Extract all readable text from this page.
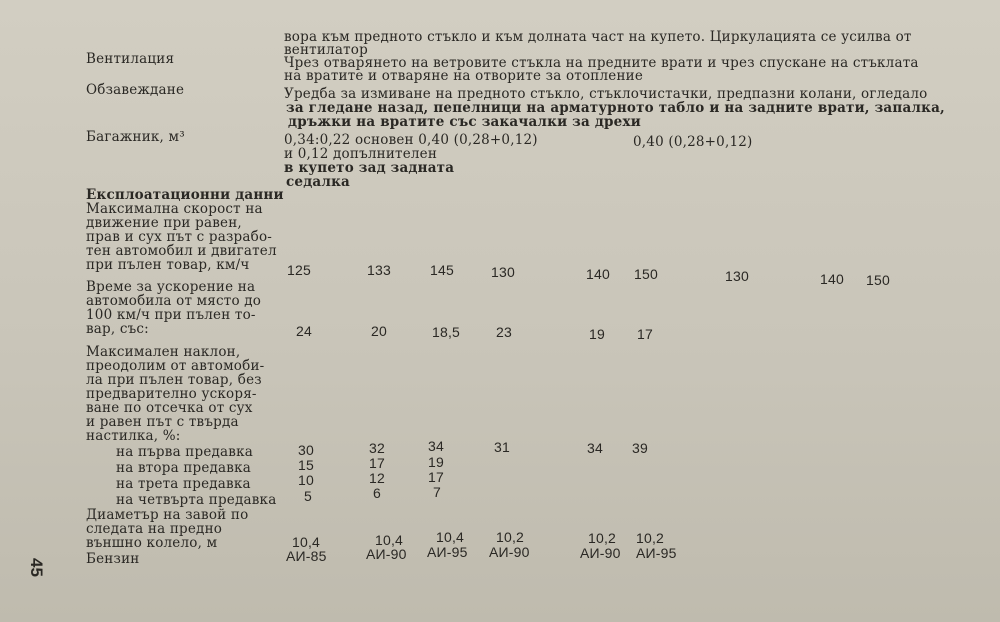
вора към предното стъкло и към долната част на купето. Циркулацията се усилва от
вентилатор
Вентилация	Чрез отварянето на ветровите стъкла на предните врати и чрез спускане на стъклата
на вратите и отваряне на отворите за отопление
Обзавеждане	Уредба за измиване на предното стъкло, стъклочистачки, предпазни колани, огледало
за гледане назад, пепелници на арматурното табло и на задните врати, запалка,
дръжки на вратите със закачалки за дрехи
Багажник, м³	0,34:0,22 основен 0,40 (0,28+0,12)	0,40 (0,28+0,12)
и 0,12 допълнителен
в купето зад задната
седалка
Експлоатационни данни
Максимална скорост на
движение при равен,
прав и сух път с разрабо-
тен автомобил и двигател
при пълен товар, км/ч	125	133	145	130	140 150	130	140 150
Време за ускорение на
автомобила от място до
100 км/ч при пълен то-
вар, със:	24	20	18,5	23	19 17
Максимален наклон,
преодолим от автомоби-
ла при пълен товар, без
предварително ускоря-
ване по отсечка от сух
и равен път с твърда
настилка, %:
на първа предавка	30	32	34	31	34 39
на втора предавка	15	17	19
на трета предавка	10	12	17
на четвърта предавка 5	6	7
Диаметър на завой по
следата на предно
външно колело, м	10,4	10,4 10,4 10,2	10,2 10,2
Бензин	АИ-85	АИ-90 АИ-95 АИ-90	АИ-90 АИ-95
45
